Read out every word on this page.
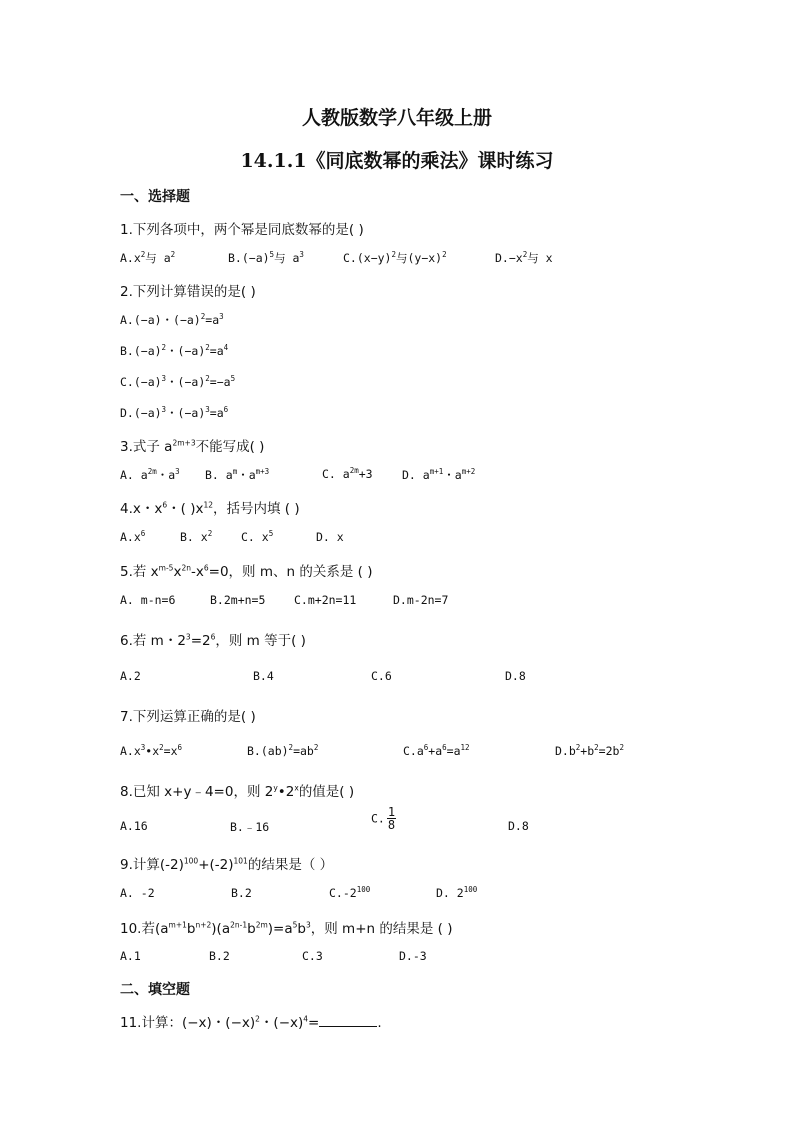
人教版数学八年级上册
14.1.1《同底数幂的乘法》课时练习
一、选择题
1.下列各项中，两个幂是同底数幂的是( )
$A.x^2$与 $a^2$	$B.(-a)^5$与 $a^3$	$C.(x-y)^2$与$(y-x)^2$	$D.-x^2$与 x
2.下列计算错误的是( )
A.(−a)・$(-a)^2=a^3$
$B.(-a)^2$・$(-a)^2=a^4$
$C.(-a)^3$・$(-a)^2=-a^5$
$D.(-a)^3$・$(-a)^3=a^6$
3.式子 $a^{2m+3}$不能写成( )
A. $a^{2m}$・$a^3$ B. $a^m$・$a^{m+3}$	C. $a^{2m}+3$	D. $a^{m+1}$・$a^{m+2}$
4.x・$x^6$・( )$x^{12}$，括号内填 ( )
$A.x^6$	B. $x^2$	C. $x^5$	D. x
5.若 $x^{m-5}x^{2n}-x^6=0$，则 m、n 的关系是 ( )
A. m-n=6	B.2m+n=5 C.m+2n=11	D.m-2n=7
6.若 m・$2^3=2^6$，则 m 等于( )
A.2	B.4	C.6	D.8
7.下列运算正确的是( )
$A.x^3•x^2=x^6$	$B.(ab)^2=ab^2$	$C.a^6+a^6=a^{12}$	$D.b^2+b^2=2b^2$
8.已知 x+y﹣4=0，则 2$^y$•2$^x$的值是( )
A.16	B.﹣16
C. $\frac{1}{8}$	D.8
9.计算$(-2)^{100}+(-2)^{101}$的结果是（ ）
A. -2	B.2	$C.-2^{100}$	D. $2^{100}$
10.若$(a^{m+1}b^{n+2})(a^{2n-1}b^{2m})=a^5b^3$，则 m+n 的结果是 ( )
A.1	B.2	C.3	D.-3
二、填空题
11.计算：(−x)・$(-x)^2$・$(-x)^4=$	.
